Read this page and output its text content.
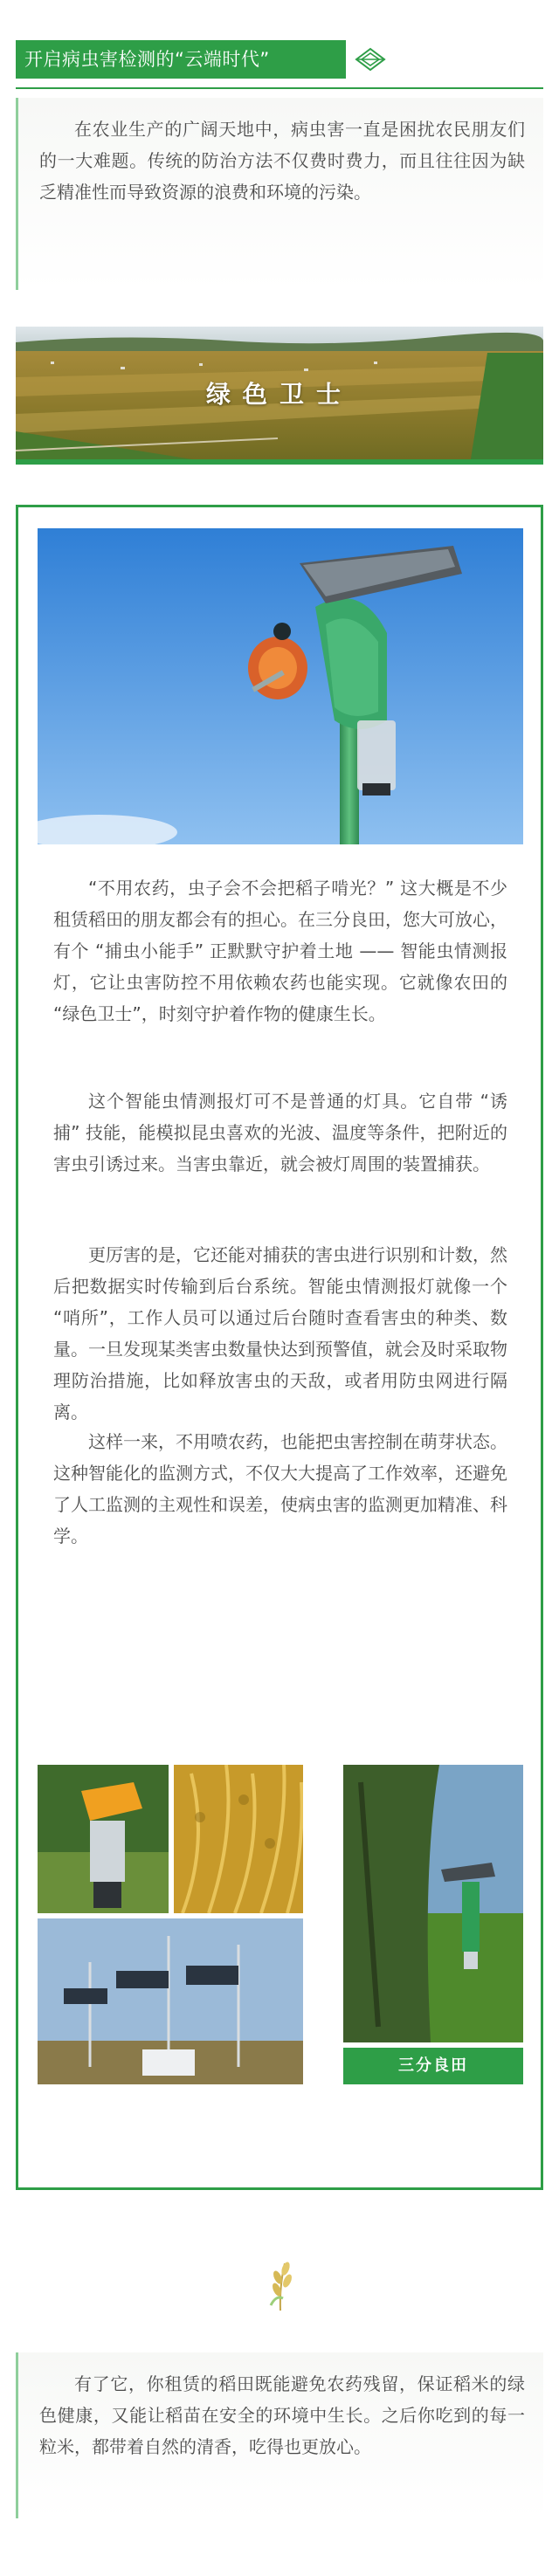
开启病虫害检测的“云端时代”

在农业生产的广阔天地中，病虫害一直是困扰农民朋友们的一大难题。传统的防治方法不仅费时费力，而且往往因为缺乏精准性而导致资源的浪费和环境的污染。

绿色卫士

“不用农药，虫子会不会把稻子啃光？” 这大概是不少租赁稻田的朋友都会有的担心。在三分良田，您大可放心，有个 “捕虫小能手” 正默默守护着土地 —— 智能虫情测报灯，它让虫害防控不用依赖农药也能实现。它就像农田的 “绿色卫士”，时刻守护着作物的健康生长。

这个智能虫情测报灯可不是普通的灯具。它自带 “诱捕” 技能，能模拟昆虫喜欢的光波、温度等条件，把附近的害虫引诱过来。当害虫靠近，就会被灯周围的装置捕获。

更厉害的是，它还能对捕获的害虫进行识别和计数，然后把数据实时传输到后台系统。智能虫情测报灯就像一个 “哨所”，工作人员可以通过后台随时查看害虫的种类、数量。一旦发现某类害虫数量快达到预警值，就会及时采取物理防治措施，比如释放害虫的天敌，或者用防虫网进行隔离。

这样一来，不用喷农药，也能把虫害控制在萌芽状态。这种智能化的监测方式，不仅大大提高了工作效率，还避免了人工监测的主观性和误差，使病虫害的监测更加精准、科学。

三分良田

有了它，你租赁的稻田既能避免农药残留，保证稻米的绿色健康，又能让稻苗在安全的环境中生长。之后你吃到的每一粒米，都带着自然的清香，吃得也更放心。
